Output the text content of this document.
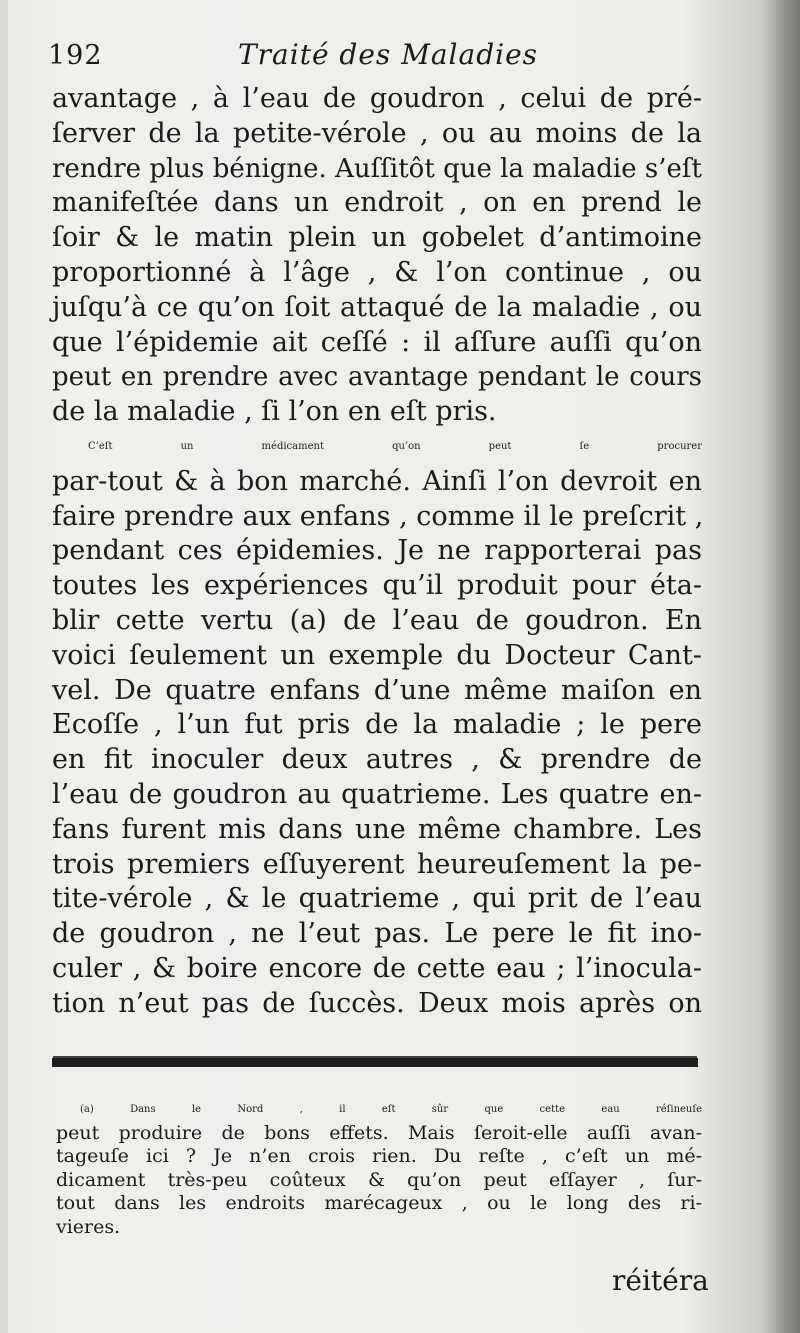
192	Traité des Maladies
avantage , à l’eau de goudron , celui de pré-
ſerver de la petite-vérole , ou au moins de la
rendre plus bénigne. Auſſitôt que la maladie s’eſt
manifeſtée dans un endroit , on en prend le
ſoir & le matin plein un gobelet d’antimoine
proportionné à l’âge , & l’on continue , ou
juſqu’à ce qu’on ſoit attaqué de la maladie , ou
que l’épidemie ait ceſſé : il aſſure auſſi qu’on
peut en prendre avec avantage pendant le cours
de la maladie , ſi l’on en eſt pris.
C’eſt un médicament qu’on peut ſe procurer
par-tout & à bon marché. Ainſi l’on devroit en
faire prendre aux enfans , comme il le preſcrit ,
pendant ces épidemies. Je ne rapporterai pas
toutes les expériences qu’il produit pour éta-
blir cette vertu (a) de l’eau de goudron. En
voici ſeulement un exemple du Docteur Cant-
vel. De quatre enfans d’une même maiſon en
Ecoſſe , l’un fut pris de la maladie ; le pere
en fit inoculer deux autres , & prendre de
l’eau de goudron au quatrieme. Les quatre en-
fans furent mis dans une même chambre. Les
trois premiers eſſuyerent heureuſement la pe-
tite-vérole , & le quatrieme , qui prit de l’eau
de goudron , ne l’eut pas. Le pere le fit ino-
culer , & boire encore de cette eau ; l’inocula-
tion n’eut pas de ſuccès. Deux mois après on
(a) Dans le Nord , il eſt sûr que cette eau réſineuſe
peut produire de bons effets. Mais ſeroit-elle auſſi avan-
tageuſe ici ? Je n’en crois rien. Du reſte , c’eſt un mé-
dicament très-peu coûteux & qu’on peut eſſayer , ſur-
tout dans les endroits marécageux , ou le long des ri-
vieres.
réitéra
